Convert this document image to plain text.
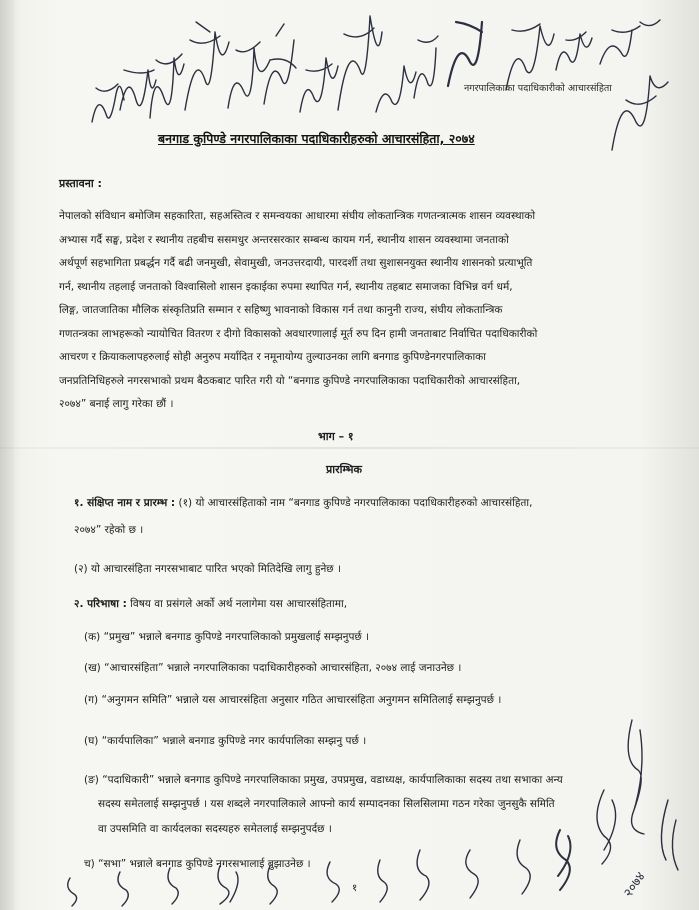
२०७४
नगरपालिकाका पदाधिकारीको आचारसंहिता
बनगाड कुपिण्डे नगरपालिकाका पदाधिकारीहरुको आचारसंहिता, २०७४
प्रस्तावना :
नेपालको संविधान बमोजिम सहकारिता, सहअस्तित्व र समन्वयका आधारमा संघीय लोकतान्त्रिक गणतन्त्रात्मक शासन व्यवस्थाको
अभ्यास गर्दै सङ्घ, प्रदेश र स्थानीय तहबीच ससमधुर अन्तरसरकार सम्बन्ध कायम गर्न, स्थानीय शासन व्यवस्थामा जनताको
अर्थपूर्ण सहभागिता प्रबर्द्धन गर्दै बढी जनमुखी, सेवामुखी, जनउत्तरदायी, पारदर्शी तथा सुशासनयुक्त स्थानीय शासनको प्रत्याभूति
गर्न, स्थानीय तहलाई जनताको विश्वासिलो शासन इकाईका रुपमा स्थापित गर्न, स्थानीय तहबाट समाजका विभिन्न वर्ग धर्म,
लिङ्ग, जातजातिका मौलिक संस्कृतिप्रति सम्मान र सहिष्णु भावनाको विकास गर्न तथा कानुनी राज्य, संघीय लोकतान्त्रिक
गणतन्त्रका लाभहरूको न्यायोचित वितरण र दीगो विकासको अवधारणालाई मूर्त रुप दिन हामी जनताबाट निर्वाचित पदाधिकारीको
आचरण र क्रियाकलापहरुलाई सोही अनुरुप मर्यादित र नमूनायोग्य तुल्याउनका लागि बनगाड कुपिण्डेनगरपालिकाका
जनप्रतिनिधिहरुले नगरसभाको प्रथम बैठकबाट पारित गरी यो “बनगाड कुपिण्डे नगरपालिकाका पदाधिकारीको आचारसंहिता,
२०७४” बनाई लागु गरेका छौं ।
भाग – १
प्रारम्भिक
१. संक्षिप्त नाम र प्रारम्भ : (१) यो आचारसंहिताको नाम “बनगाड कुपिण्डे नगरपालिकाका पदाधिकारीहरुको आचारसंहिता,
२०७४” रहेको छ ।
(२) यो आचारसंहिता नगरसभाबाट पारित भएको मितिदेखि लागु हुनेछ ।
२. परिभाषा : विषय वा प्रसंगले अर्को अर्थ नलागेमा यस आचारसंहितामा,
(क) “प्रमुख” भन्नाले बनगाड कुपिण्डे नगरपालिकाको प्रमुखलाई सम्झनुपर्छ ।
(ख) “आचारसंहिता” भन्नाले नगरपालिकाका पदाधिकारीहरुको आचारसंहिता, २०७४ लाई जनाउनेछ ।
(ग) “अनुगमन समिति” भन्नाले यस आचारसंहिता अनुसार गठित आचारसंहिता अनुगमन समितिलाई सम्झनुपर्छ ।
(घ) “कार्यपालिका” भन्नाले बनगाड कुपिण्डे नगर कार्यपालिका सम्झनु पर्छ ।
(ङ) “पदाधिकारी” भन्नाले बनगाड कुपिण्डे नगरपालिकाका प्रमुख, उपप्रमुख, वडाध्यक्ष, कार्यपालिकाका सदस्य तथा सभाका अन्य
सदस्य समेतलाई सम्झनुपर्छ । यस शब्दले नगरपालिकाले आफ्नो कार्य सम्पादनका सिलसिलामा गठन गरेका जुनसुकै समिति
वा उपसमिति वा कार्यदलका सदस्यहरु समेतलाई सम्झनुपर्दछ ।
च) “सभा” भन्नाले बनगाड कुपिण्डे नगरसभालाई बुझाउनेछ ।
१
